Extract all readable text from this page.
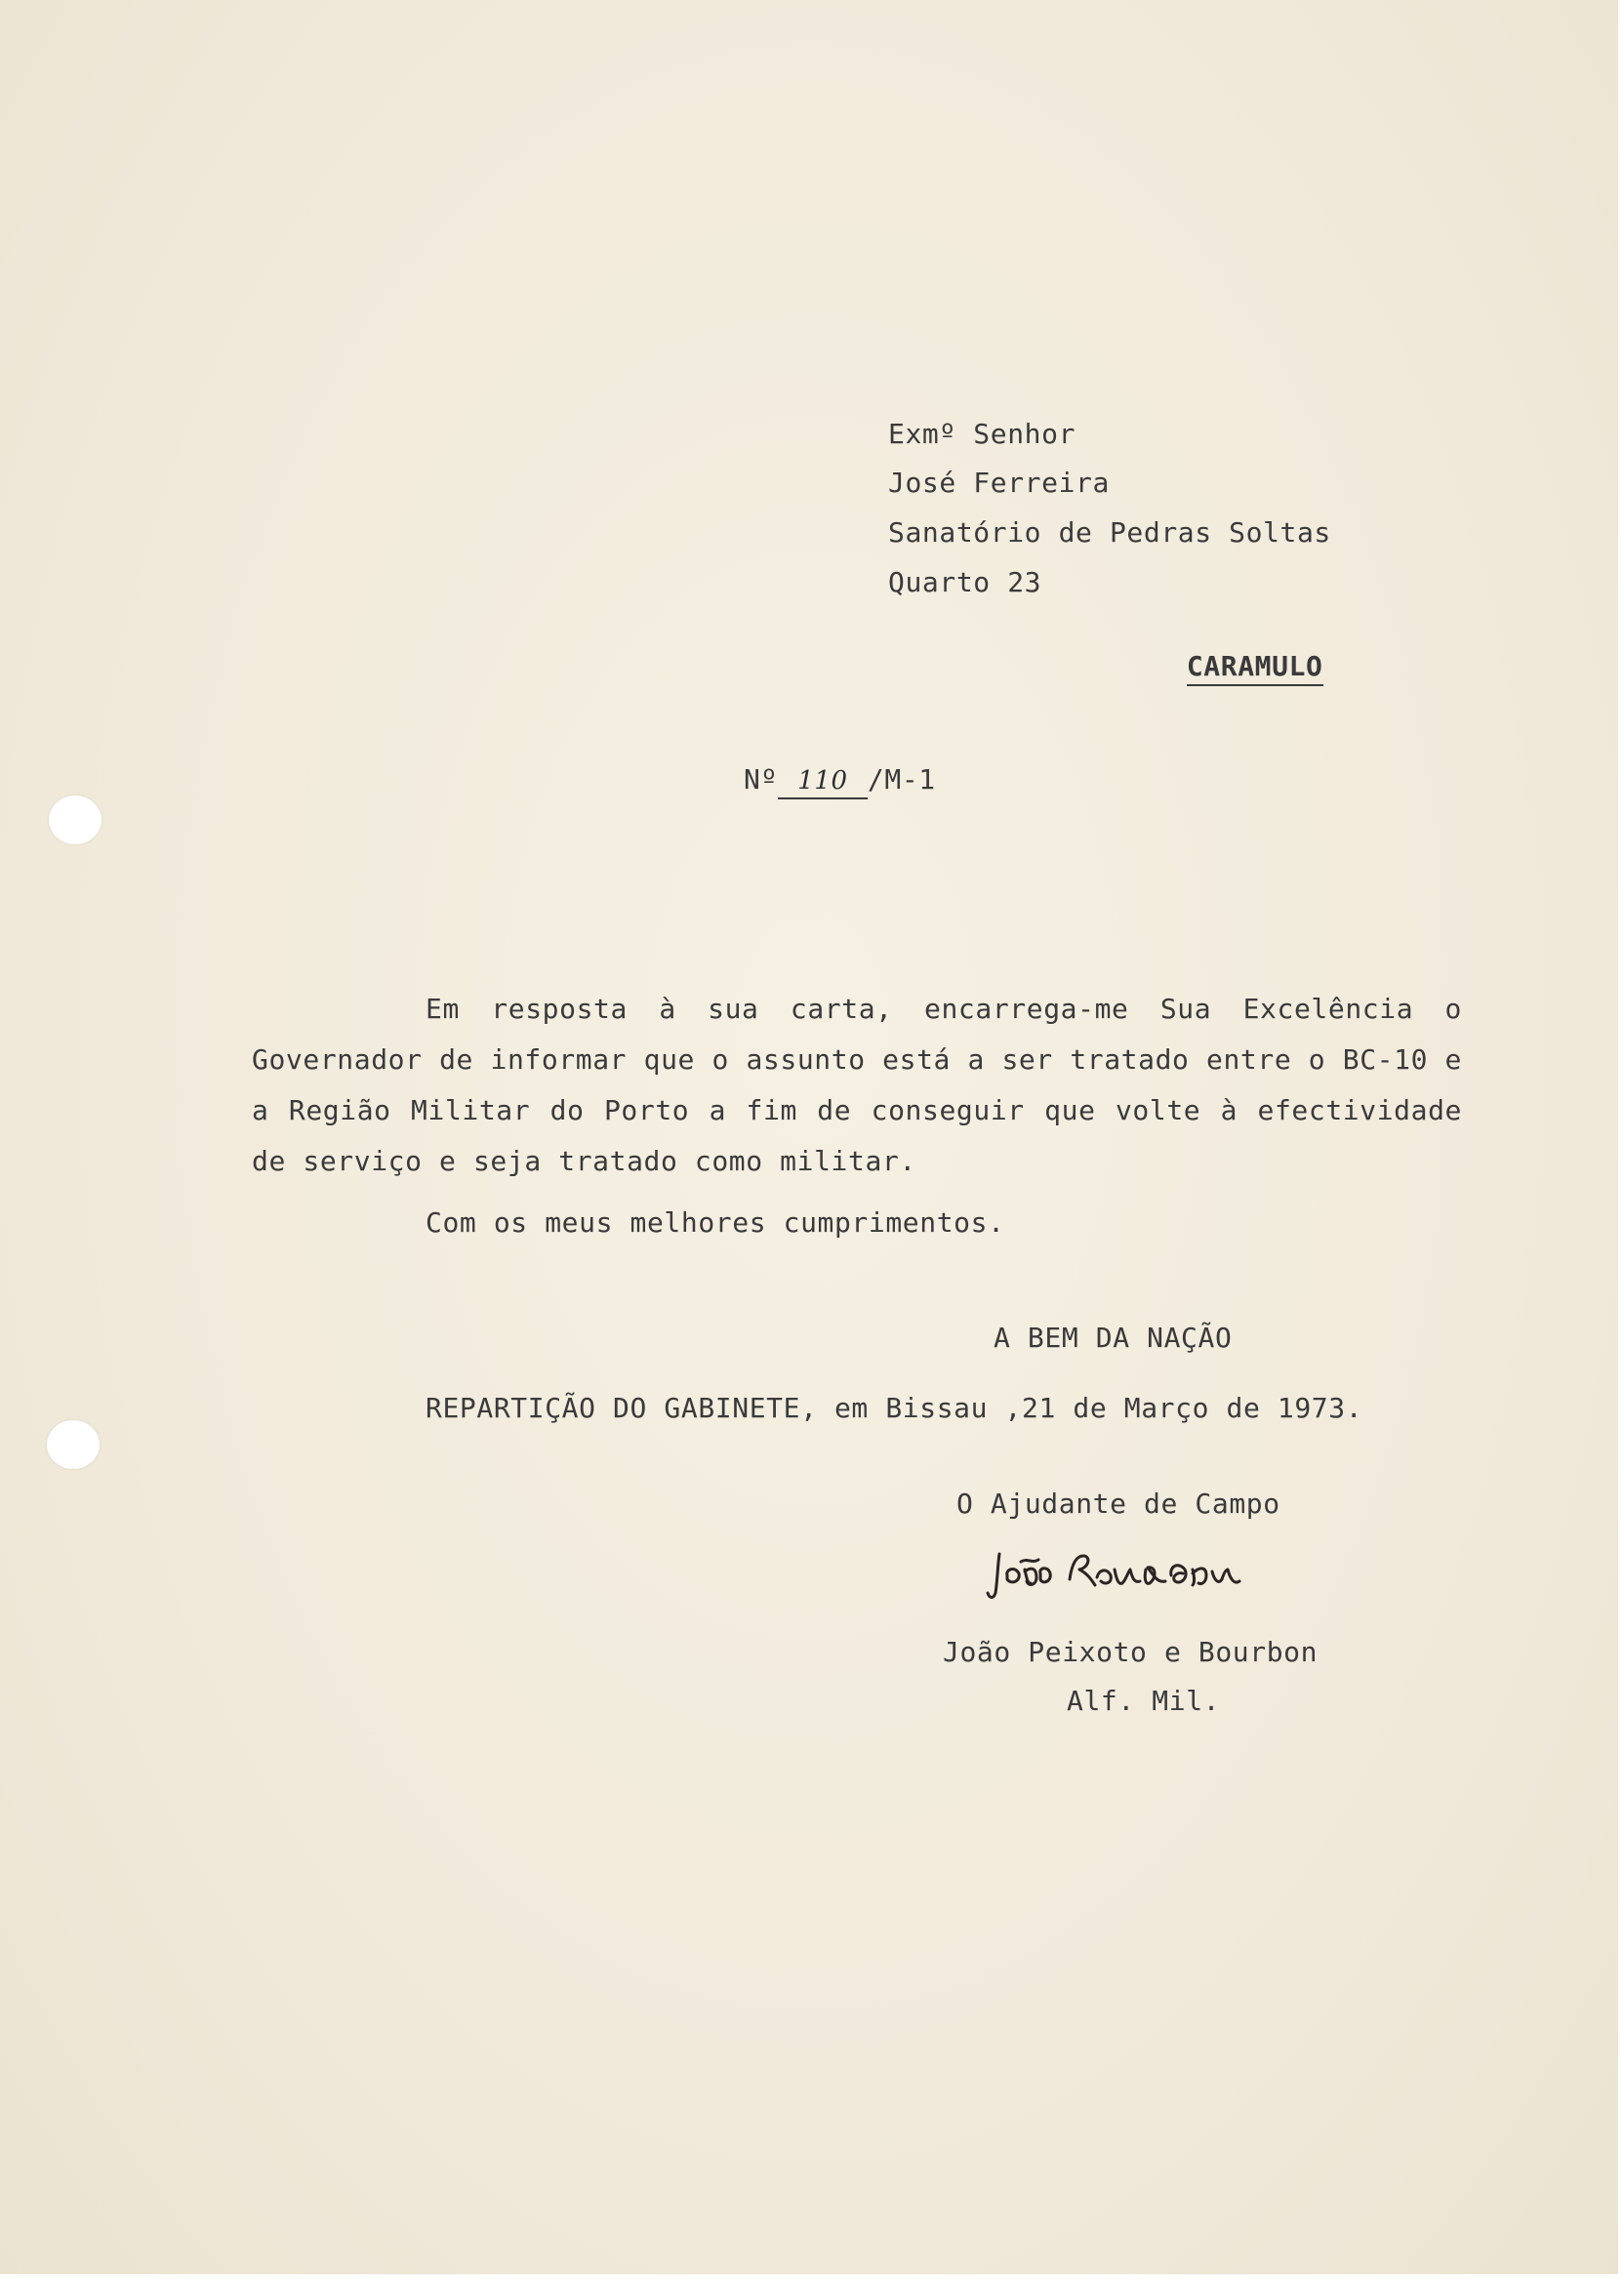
Exmº Senhor
José Ferreira
Sanatório de Pedras Soltas
Quarto 23

CARAMULO

Nº 110 /M-1

Em resposta à sua carta, encarrega-me Sua Excelência o Governador de informar que o assunto está a ser tratado entre o BC-10 e a Região Militar do Porto a fim de conseguir que volte à efectividade de serviço e seja tratado como militar.

Com os meus melhores cumprimentos.
A BEM DA NAÇÃO
REPARTIÇÃO DO GABINETE, em Bissau ,21 de Março de 1973.
O Ajudante de Campo
João Peixoto e Bourbon
Alf. Mil.
